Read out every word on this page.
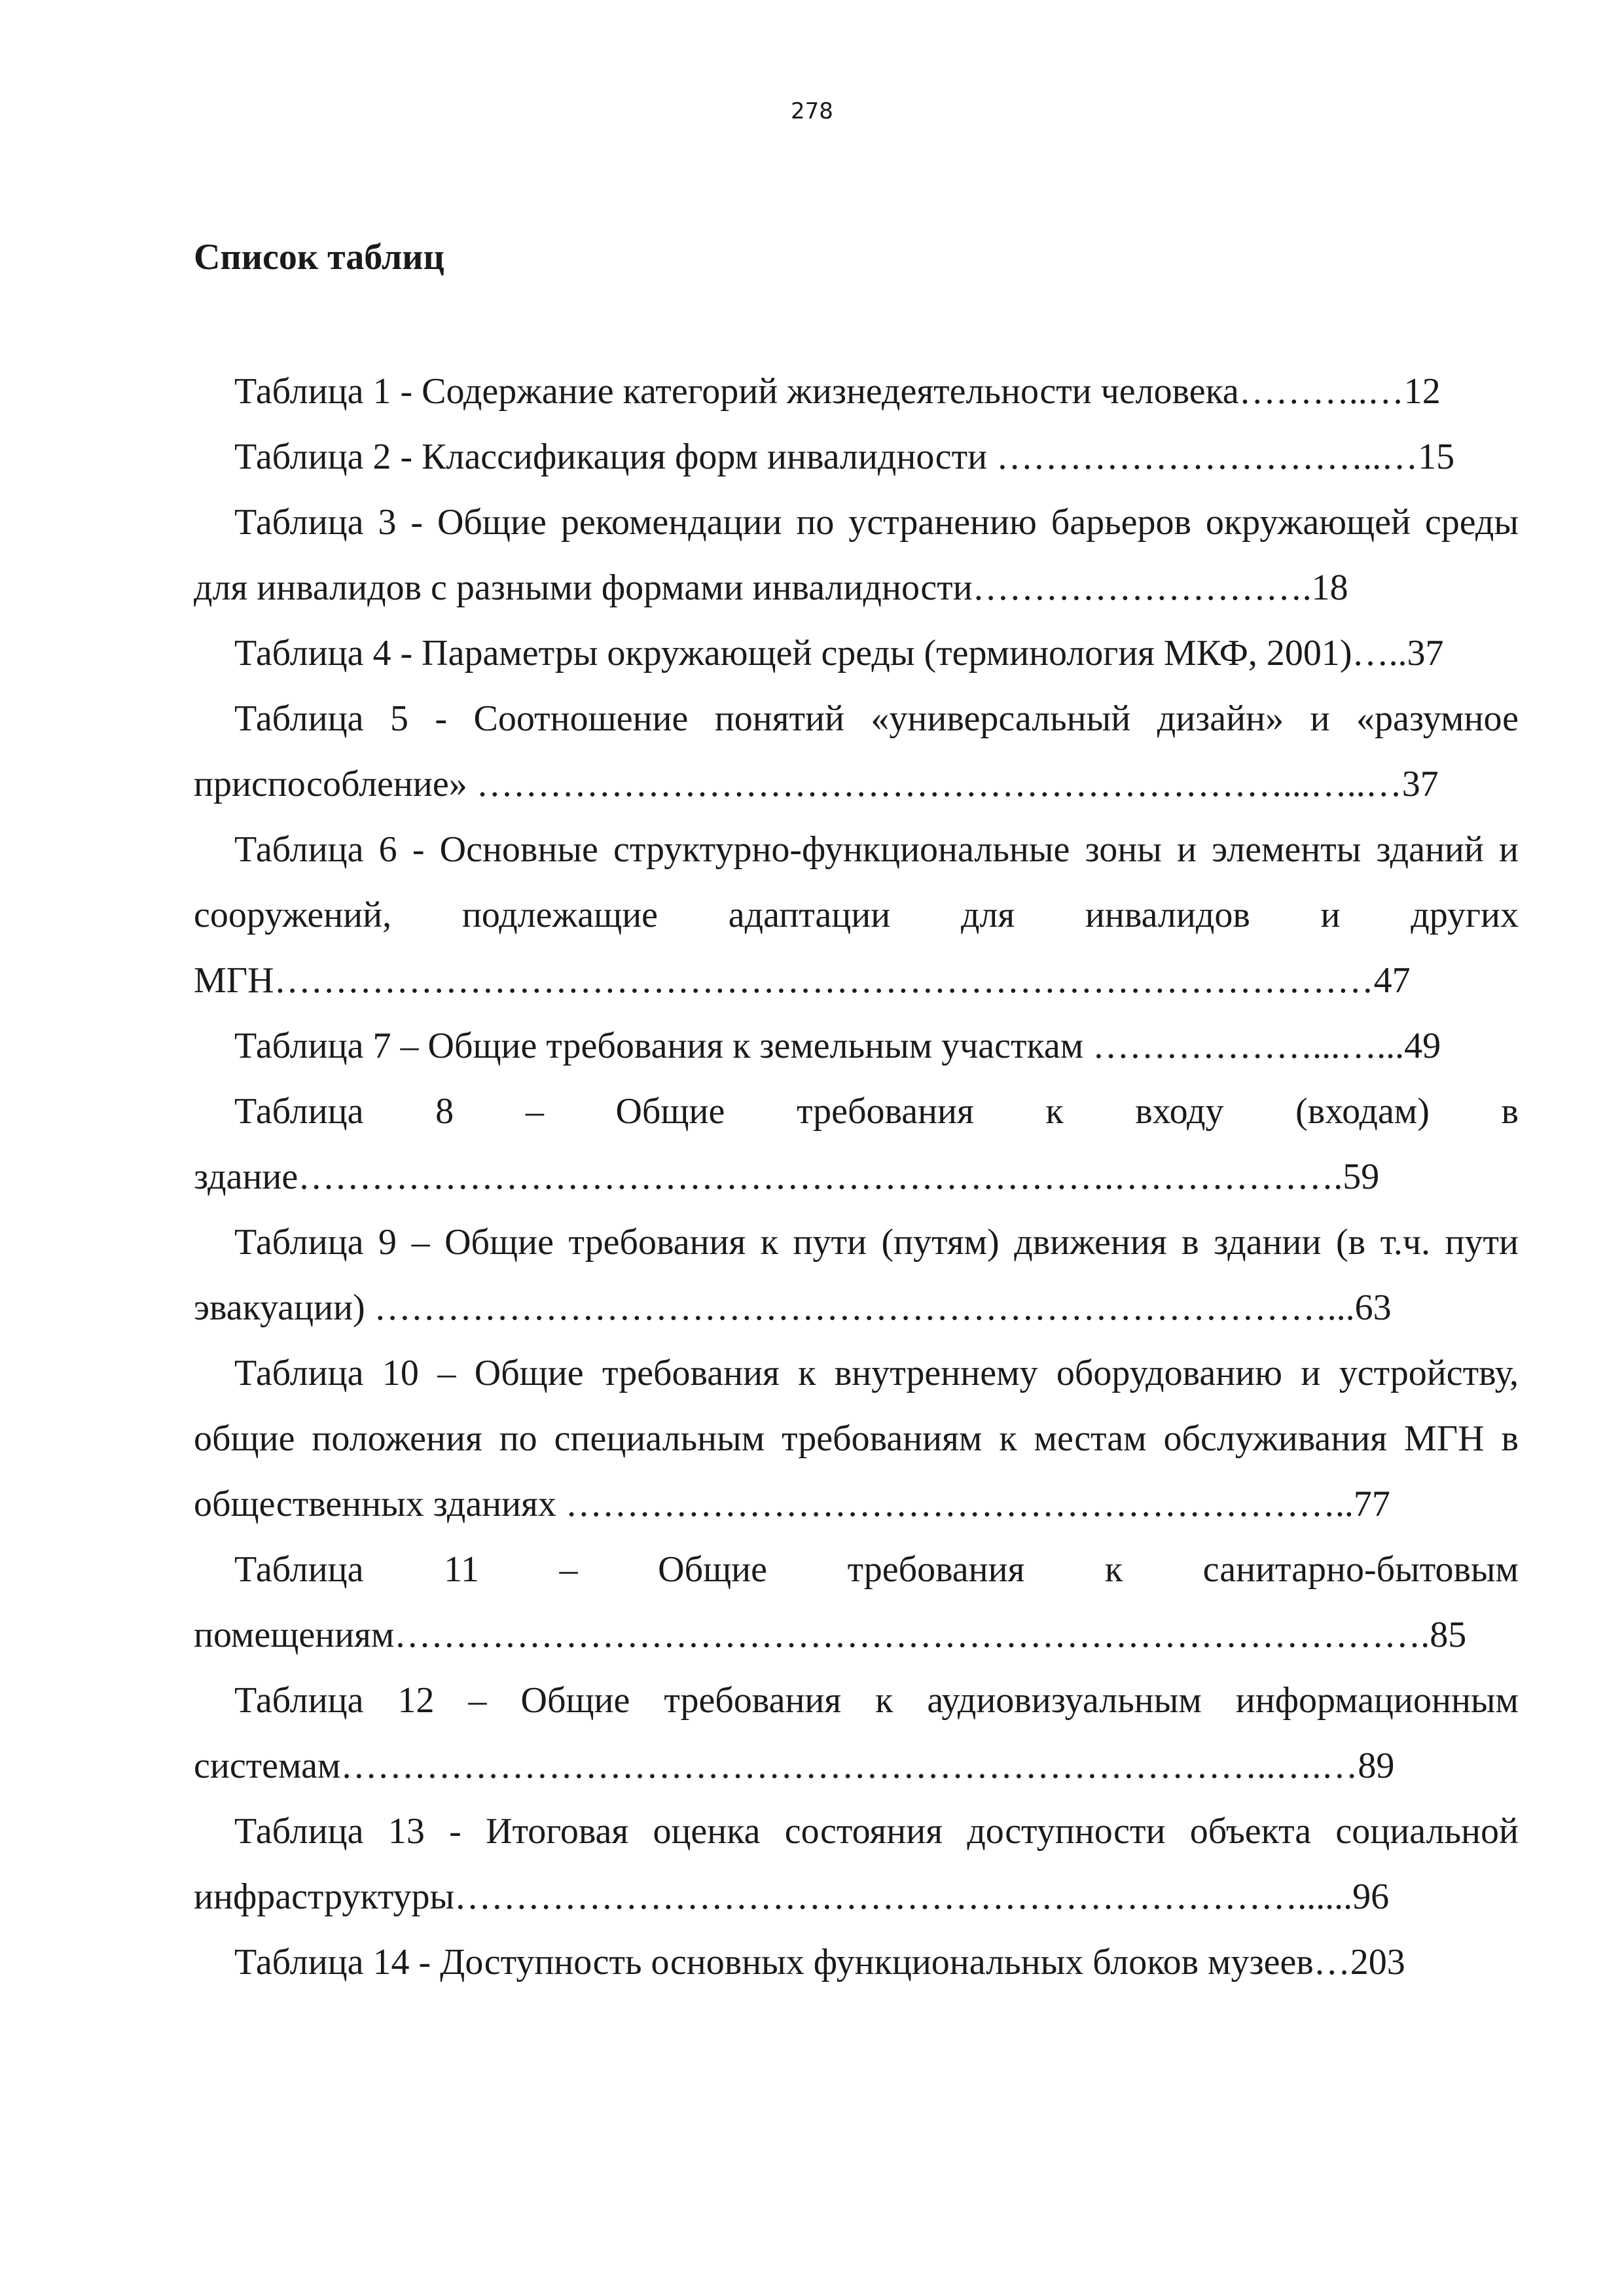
278
Список таблиц

Таблица 1 - Содержание категорий жизнедеятельности человека………..…12

Таблица 2 - Классификация форм инвалидности …………………………..…15

Таблица 3 - Общие рекомендации по устранению барьеров окружающей среды для инвалидов с разными формами инвалидности……………………….18

Таблица 4 - Параметры окружающей среды (терминология МКФ, 2001)…..37

Таблица 5 - Соотношение понятий «универсальный дизайн» и «разумное приспособление» …………………………………………………………...…..…37

Таблица 6 - Основные структурно-функциональные зоны и элементы зданий и сооружений, подлежащие адаптации для инвалидов и других МГН………………………………………………………………………………47

Таблица 7 – Общие требования к земельным участкам ………………...…...49

Таблица 8 – Общие требования к входу (входам) в здание………………………………………………………….……………….59

Таблица 9 – Общие требования к пути (путям) движения в здании (в т.ч. пути эвакуации) ……………………………………………………………………...63

Таблица 10 – Общие требования к внутреннему оборудованию и устройству, общие положения по специальным требованиям к местам обслуживания МГН в общественных зданиях ………………………………………………………..77

Таблица 11 – Общие требования к санитарно-бытовым помещениям………………………………………………………………………….85

Таблица 12 – Общие требования к аудиовизуальным информационным системам…………………………………………………………………..….…89

Таблица 13 - Итоговая оценка состояния доступности объекта социальной инфраструктуры……………………………………………………………......96

Таблица 14 - Доступность основных функциональных блоков музеев…203
